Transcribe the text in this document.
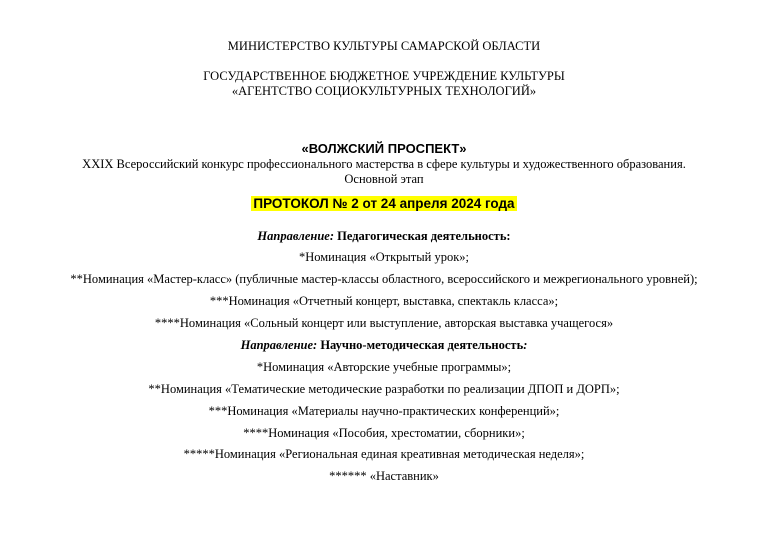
МИНИСТЕРСТВО КУЛЬТУРЫ САМАРСКОЙ ОБЛАСТИ
ГОСУДАРСТВЕННОЕ БЮДЖЕТНОЕ УЧРЕЖДЕНИЕ КУЛЬТУРЫ
«АГЕНТСТВО СОЦИОКУЛЬТУРНЫХ ТЕХНОЛОГИЙ»
«ВОЛЖСКИЙ ПРОСПЕКТ»
XXIX Всероссийский конкурс профессионального мастерства в сфере культуры и художественного образования.
Основной этап
ПРОТОКОЛ № 2 от 24 апреля 2024 года
Направление: Педагогическая деятельность:
*Номинация «Открытый урок»;
**Номинация «Мастер-класс» (публичные мастер-классы областного, всероссийского и межрегионального уровней);
***Номинация «Отчетный концерт, выставка, спектакль класса»;
****Номинация «Сольный концерт или выступление, авторская выставка учащегося»
Направление: Научно-методическая деятельность:
*Номинация «Авторские учебные программы»;
**Номинация «Тематические методические разработки по реализации ДПОП и ДОРП»;
***Номинация «Материалы научно-практических конференций»;
****Номинация «Пособия, хрестоматии, сборники»;
*****Номинация «Региональная единая креативная методическая неделя»;
****** «Наставник»
